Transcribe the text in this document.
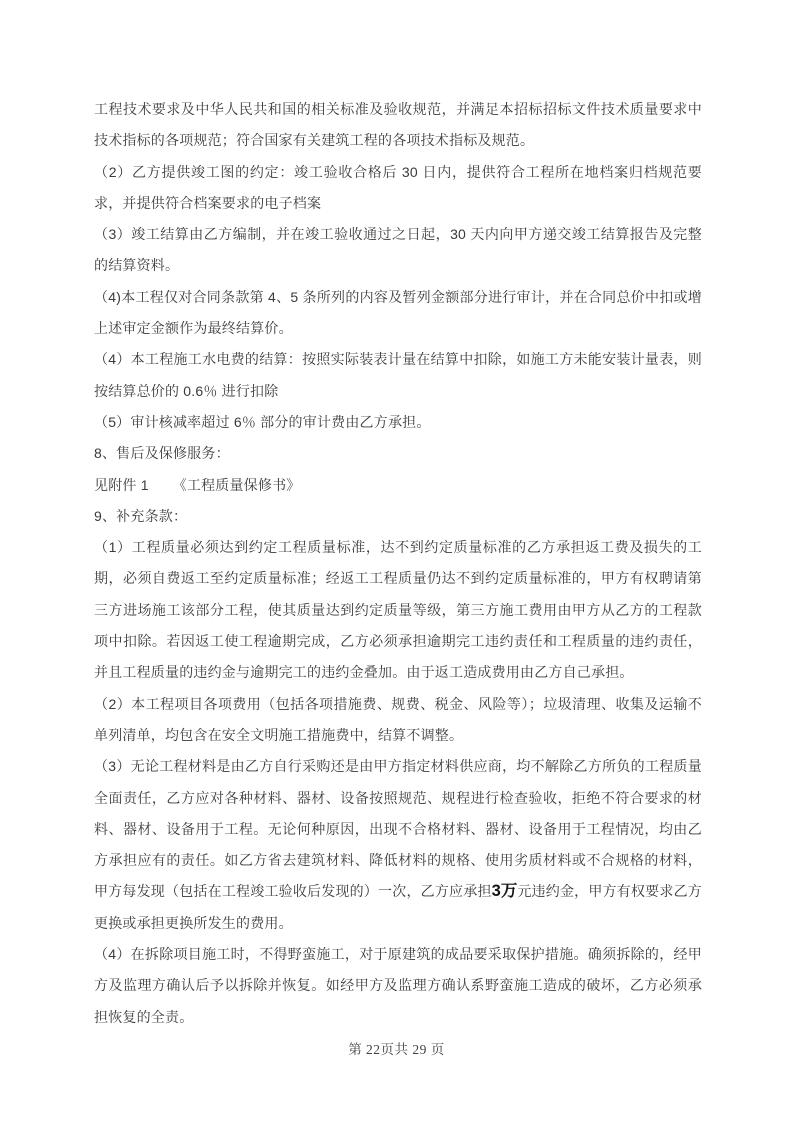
工程技术要求及中华人民共和国的相关标准及验收规范，并满足本招标招标文件技术质量要求中技术指标的各项规范；符合国家有关建筑工程的各项技术指标及规范。

（2）乙方提供竣工图的约定：竣工验收合格后 30 日内，提供符合工程所在地档案归档规范要求，并提供符合档案要求的电子档案

（3）竣工结算由乙方编制，并在竣工验收通过之日起，30 天内向甲方递交竣工结算报告及完整的结算资料。

（4)本工程仅对合同条款第 4、5 条所列的内容及暂列金额部分进行审计，并在合同总价中扣或增上述审定金额作为最终结算价。

（4）本工程施工水电费的结算：按照实际装表计量在结算中扣除，如施工方未能安装计量表，则按结算总价的 0.6％ 进行扣除

（5）审计核减率超过 6％ 部分的审计费由乙方承担。

8、售后及保修服务：

见附件 1 《工程质量保修书》

9、补充条款：

（1）工程质量必须达到约定工程质量标准，达不到约定质量标准的乙方承担返工费及损失的工期，必须自费返工至约定质量标准；经返工工程质量仍达不到约定质量标准的，甲方有权聘请第三方进场施工该部分工程，使其质量达到约定质量等级，第三方施工费用由甲方从乙方的工程款项中扣除。若因返工使工程逾期完成，乙方必须承担逾期完工违约责任和工程质量的违约责任，并且工程质量的违约金与逾期完工的违约金叠加。由于返工造成费用由乙方自己承担。

（2）本工程项目各项费用（包括各项措施费、规费、税金、风险等）；垃圾清理、收集及运输不单列清单，均包含在安全文明施工措施费中，结算不调整。

（3）无论工程材料是由乙方自行采购还是由甲方指定材料供应商，均不解除乙方所负的工程质量全面责任，乙方应对各种材料、器材、设备按照规范、规程进行检查验收，拒绝不符合要求的材料、器材、设备用于工程。无论何种原因，出现不合格材料、器材、设备用于工程情况，均由乙方承担应有的责任。如乙方省去建筑材料、降低材料的规格、使用劣质材料或不合规格的材料，甲方每发现（包括在工程竣工验收后发现的）一次，乙方应承担3万元违约金，甲方有权要求乙方更换或承担更换所发生的费用。

（4）在拆除项目施工时，不得野蛮施工，对于原建筑的成品要采取保护措施。确须拆除的，经甲方及监理方确认后予以拆除并恢复。如经甲方及监理方确认系野蛮施工造成的破坏，乙方必须承担恢复的全责。

第 22页共 29 页
